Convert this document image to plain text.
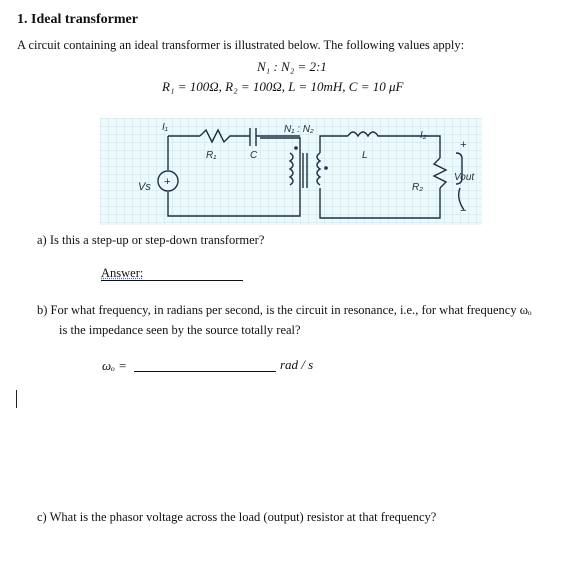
1. Ideal transformer
A circuit containing an ideal transformer is illustrated below. The following values apply:
N₁ : N₂ = 2:1
R₁ = 100Ω, R₂ = 100Ω, L = 10mH, C = 10 μF
Vs +
I₁
R₁	C
N₁ : N₂
L
R₂
I₂
+
Vout
−
a) Is this a step-up or step-down transformer?
Answer:
b) For what frequency, in radians per second, is the circuit in resonance, i.e., for what frequency ωₒ
is the impedance seen by the source totally real?
ωₒ =	rad / s
c) What is the phasor voltage across the load (output) resistor at that frequency?
